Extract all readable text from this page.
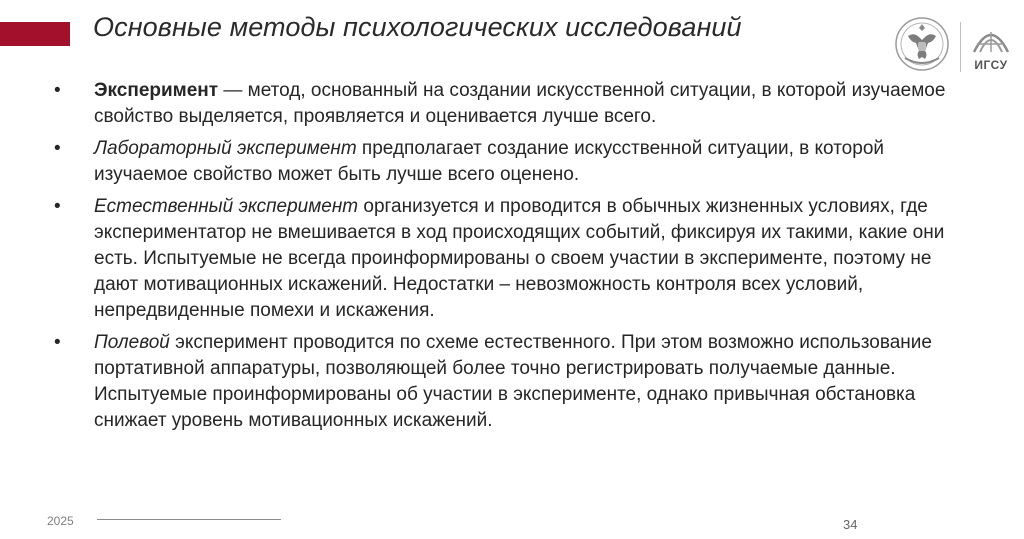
Основные методы психологических исследований
ИГСУ
• Эксперимент — метод, основанный на создании искусственной ситуации, в которой изучаемое свойство выделяется, проявляется и оценивается лучше всего.
• Лабораторный эксперимент предполагает создание искусственной ситуации, в которой изучаемое свойство может быть лучше всего оценено.
• Естественный эксперимент организуется и проводится в обычных жизненных условиях, где экспериментатор не вмешивается в ход происходящих событий, фиксируя их такими, какие они есть. Испытуемые не всегда проинформированы о своем участии в эксперименте, поэтому не дают мотивационных искажений. Недостатки – невозможность контроля всех условий, непредвиденные помехи и искажения.
• Полевой эксперимент проводится по схеме естественного. При этом возможно использование портативной аппаратуры, позволяющей более точно регистрировать получаемые данные. Испытуемые проинформированы об участии в эксперименте, однако привычная обстановка снижает уровень мотивационных искажений.
2025	34
